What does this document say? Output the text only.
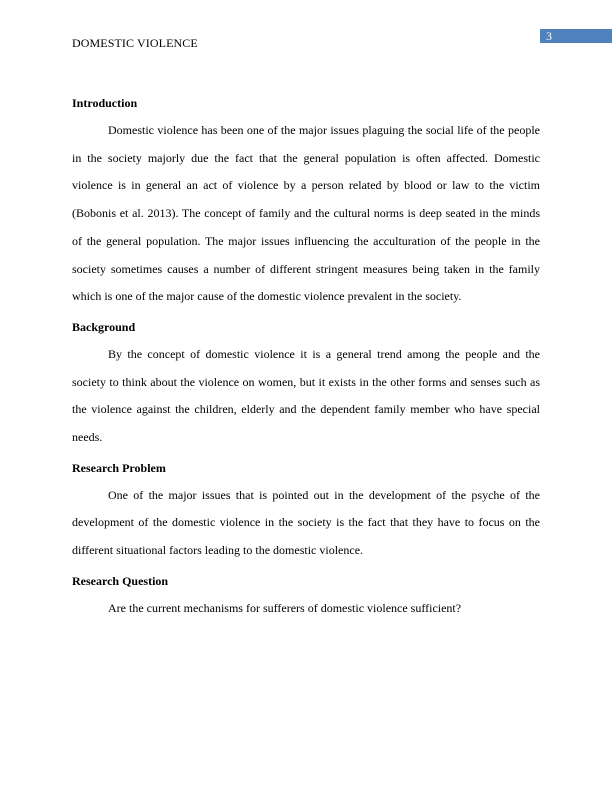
DOMESTIC VIOLENCE	3
Introduction

Domestic violence has been one of the major issues plaguing the social life of the people in the society majorly due the fact that the general population is often affected. Domestic violence is in general an act of violence by a person related by blood or law to the victim (Bobonis et al. 2013). The concept of family and the cultural norms is deep seated in the minds of the general population. The major issues influencing the acculturation of the people in the society sometimes causes a number of different stringent measures being taken in the family which is one of the major cause of the domestic violence prevalent in the society.

Background

By the concept of domestic violence it is a general trend among the people and the society to think about the violence on women, but it exists in the other forms and senses such as the violence against the children, elderly and the dependent family member who have special needs.

Research Problem

One of the major issues that is pointed out in the development of the psyche of the development of the domestic violence in the society is the fact that they have to focus on the different situational factors leading to the domestic violence.

Research Question

Are the current mechanisms for sufferers of domestic violence sufficient?
